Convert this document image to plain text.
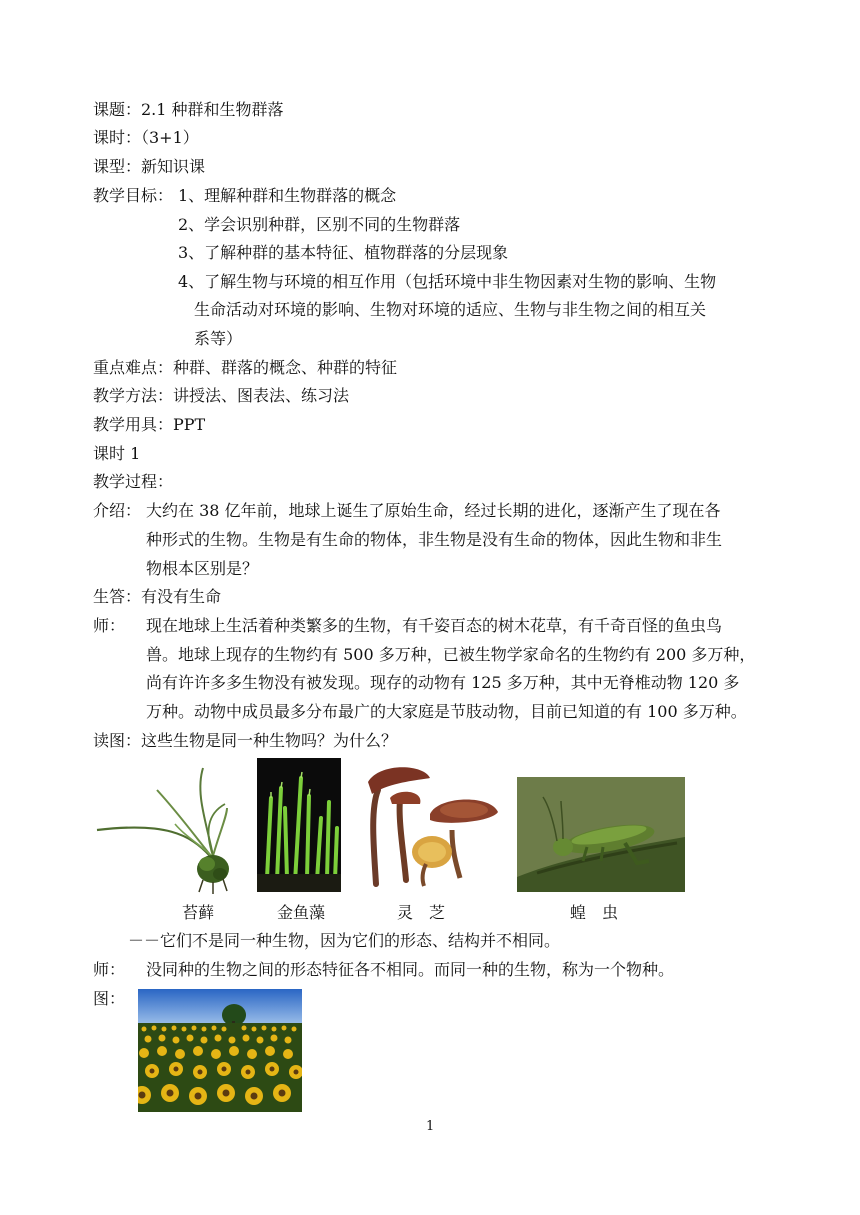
课题：2.1 种群和生物群落
课时：（3+1）
课型：新知识课
教学目标： 1、理解种群和生物群落的概念
2、学会识别种群，区别不同的生物群落
3、了解种群的基本特征、植物群落的分层现象
4、了解生物与环境的相互作用（包括环境中非生物因素对生物的影响、生物
生命活动对环境的影响、生物对环境的适应、生物与非生物之间的相互关
系等）
重点难点：种群、群落的概念、种群的特征
教学方法：讲授法、图表法、练习法
教学用具：PPT
课时 1
教学过程：
介绍： 大约在 38 亿年前，地球上诞生了原始生命，经过长期的进化，逐渐产生了现在各
种形式的生物。生物是有生命的物体，非生物是没有生命的物体，因此生物和非生
物根本区别是？
生答：有没有生命
师： 现在地球上生活着种类繁多的生物，有千姿百态的树木花草，有千奇百怪的鱼虫鸟
兽。地球上现存的生物约有 500 多万种，已被生物学家命名的生物约有 200 多万种，
尚有许许多多生物没有被发现。现存的动物有 125 多万种，其中无脊椎动物 120 多
万种。动物中成员最多分布最广的大家庭是节肢动物，目前已知道的有 100 多万种。
读图：这些生物是同一种生物吗？为什么？
苔藓	金鱼藻	灵　芝	蝗　虫
－－它们不是同一种生物，因为它们的形态、结构并不相同。
师： 没同种的生物之间的形态特征各不相同。而同一种的生物，称为一个物种。
图：
1
